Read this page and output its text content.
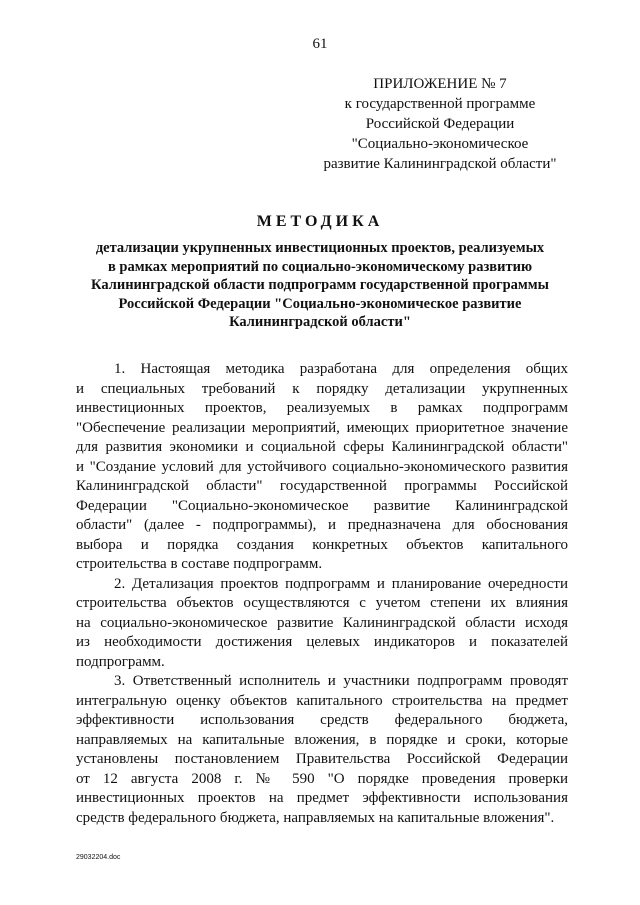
61
ПРИЛОЖЕНИЕ № 7
к государственной программе
Российской Федерации
"Социально-экономическое
развитие Калининградской области"
МЕТОДИКА
детализации укрупненных инвестиционных проектов, реализуемых
в рамках мероприятий по социально-экономическому развитию
Калининградской области подпрограмм государственной программы
Российской Федерации "Социально-экономическое развитие
Калининградской области"
1. Настоящая методика разработана для определения общих
и специальных требований к порядку детализации укрупненных
инвестиционных проектов, реализуемых в рамках подпрограмм
"Обеспечение реализации мероприятий, имеющих приоритетное значение
для развития экономики и социальной сферы Калининградской области"
и "Создание условий для устойчивого социально-экономического развития
Калининградской области" государственной программы Российской
Федерации "Социально-экономическое развитие Калининградской
области" (далее - подпрограммы), и предназначена для обоснования
выбора и порядка создания конкретных объектов капитального
строительства в составе подпрограмм.
2. Детализация проектов подпрограмм и планирование очередности
строительства объектов осуществляются с учетом степени их влияния
на социально-экономическое развитие Калининградской области исходя
из необходимости достижения целевых индикаторов и показателей
подпрограмм.
3. Ответственный исполнитель и участники подпрограмм проводят
интегральную оценку объектов капитального строительства на предмет
эффективности использования средств федерального бюджета,
направляемых на капитальные вложения, в порядке и сроки, которые
установлены постановлением Правительства Российской Федерации
от 12 августа 2008 г. № 590 "О порядке проведения проверки
инвестиционных проектов на предмет эффективности использования
средств федерального бюджета, направляемых на капитальные вложения".
29032204.doc
